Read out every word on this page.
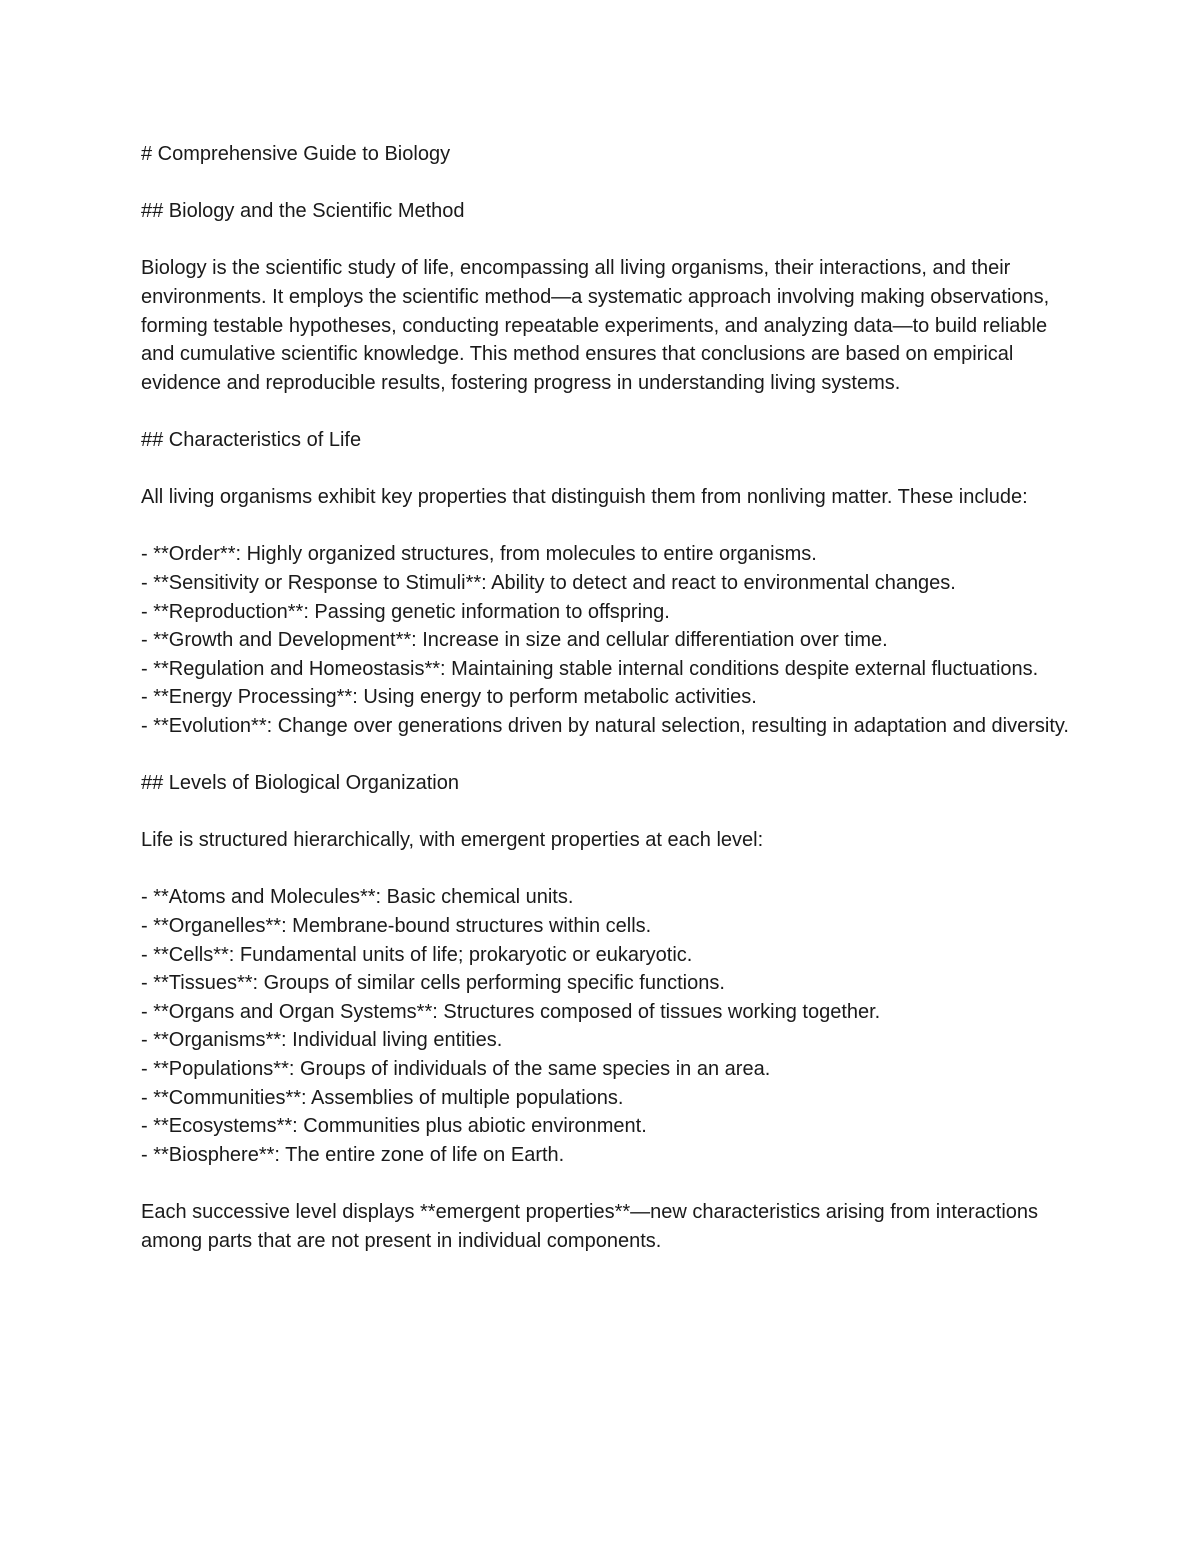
# Comprehensive Guide to Biology

## Biology and the Scientific Method

Biology is the scientific study of life, encompassing all living organisms, their interactions, and their environments. It employs the scientific method—a systematic approach involving making observations, forming testable hypotheses, conducting repeatable experiments, and analyzing data—to build reliable and cumulative scientific knowledge. This method ensures that conclusions are based on empirical evidence and reproducible results, fostering progress in understanding living systems.

## Characteristics of Life

All living organisms exhibit key properties that distinguish them from nonliving matter. These include:

- **Order**: Highly organized structures, from molecules to entire organisms.
- **Sensitivity or Response to Stimuli**: Ability to detect and react to environmental changes.
- **Reproduction**: Passing genetic information to offspring.
- **Growth and Development**: Increase in size and cellular differentiation over time.
- **Regulation and Homeostasis**: Maintaining stable internal conditions despite external fluctuations.
- **Energy Processing**: Using energy to perform metabolic activities.
- **Evolution**: Change over generations driven by natural selection, resulting in adaptation and diversity.

## Levels of Biological Organization

Life is structured hierarchically, with emergent properties at each level:

- **Atoms and Molecules**: Basic chemical units.
- **Organelles**: Membrane-bound structures within cells.
- **Cells**: Fundamental units of life; prokaryotic or eukaryotic.
- **Tissues**: Groups of similar cells performing specific functions.
- **Organs and Organ Systems**: Structures composed of tissues working together.
- **Organisms**: Individual living entities.
- **Populations**: Groups of individuals of the same species in an area.
- **Communities**: Assemblies of multiple populations.
- **Ecosystems**: Communities plus abiotic environment.
- **Biosphere**: The entire zone of life on Earth.

Each successive level displays **emergent properties**—new characteristics arising from interactions among parts that are not present in individual components.
